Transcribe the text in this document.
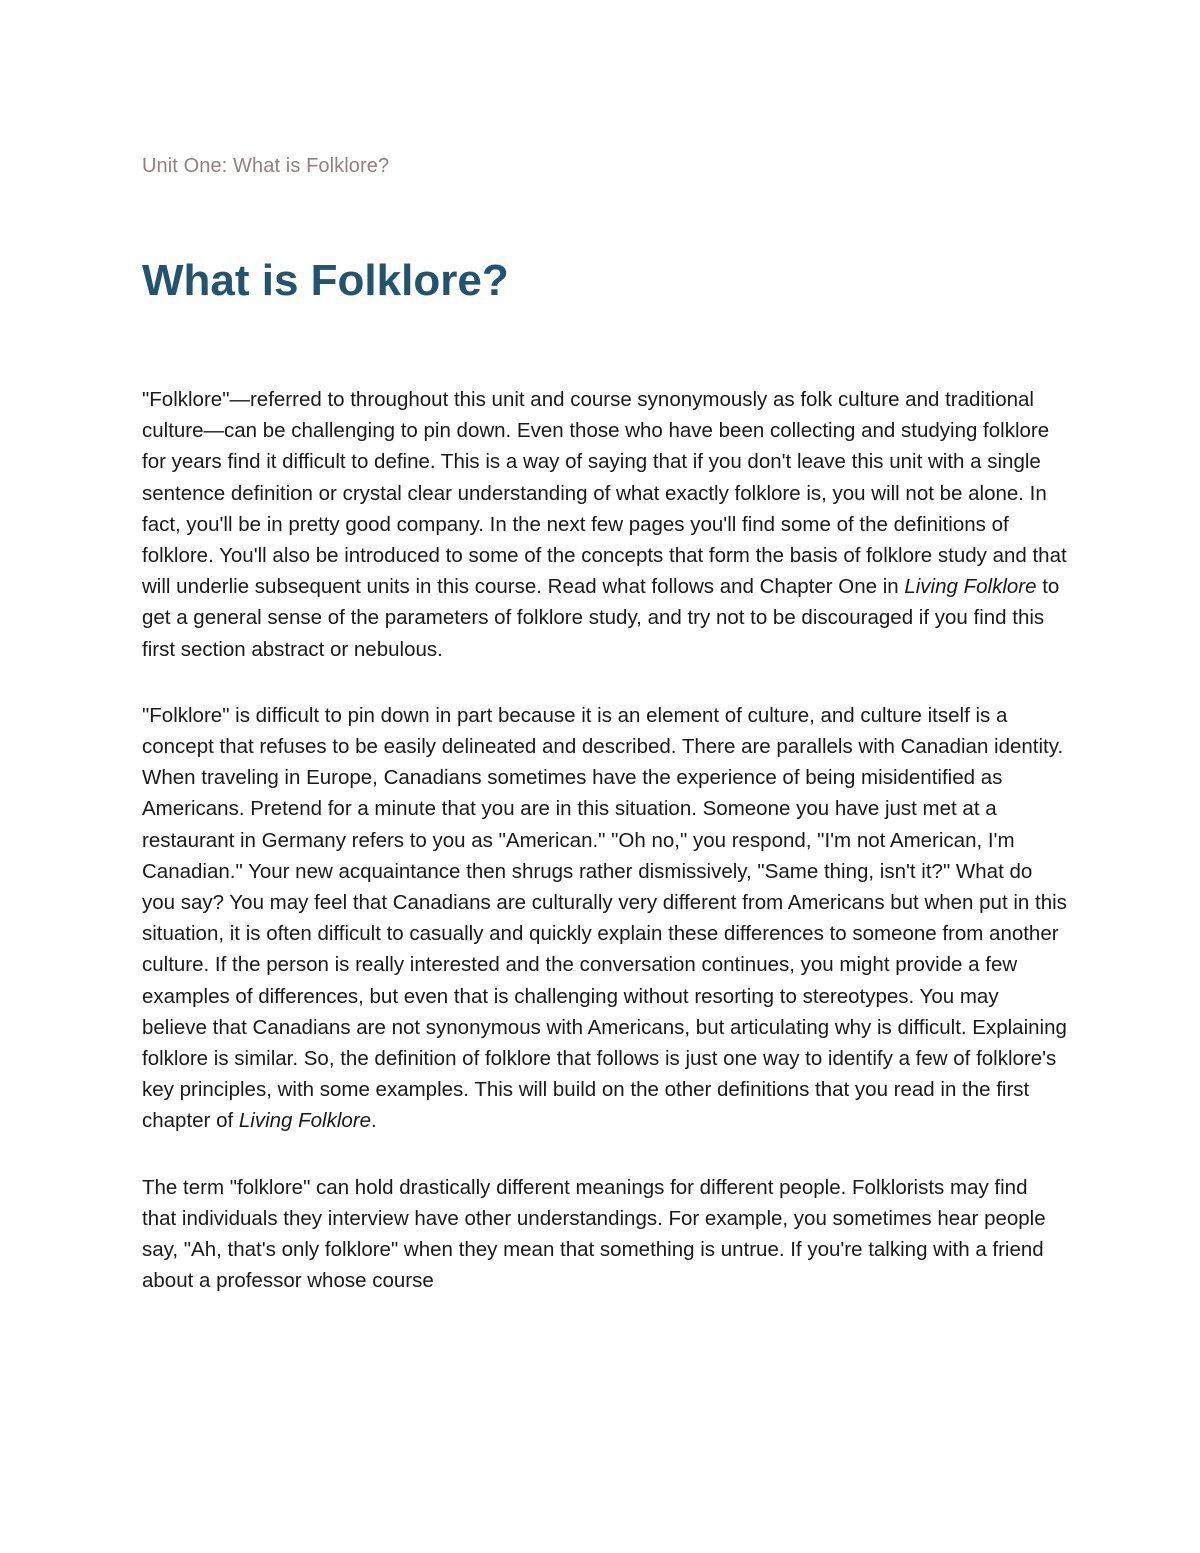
Unit One: What is Folklore?

What is Folklore?

"Folklore"—referred to throughout this unit and course synonymously as folk culture and traditional culture—can be challenging to pin down. Even those who have been collecting and studying folklore for years find it difficult to define. This is a way of saying that if you don't leave this unit with a single sentence definition or crystal clear understanding of what exactly folklore is, you will not be alone. In fact, you'll be in pretty good company. In the next few pages you'll find some of the definitions of folklore. You'll also be introduced to some of the concepts that form the basis of folklore study and that will underlie subsequent units in this course. Read what follows and Chapter One in Living Folklore to get a general sense of the parameters of folklore study, and try not to be discouraged if you find this first section abstract or nebulous.

"Folklore" is difficult to pin down in part because it is an element of culture, and culture itself is a concept that refuses to be easily delineated and described. There are parallels with Canadian identity. When traveling in Europe, Canadians sometimes have the experience of being misidentified as Americans. Pretend for a minute that you are in this situation. Someone you have just met at a restaurant in Germany refers to you as "American." "Oh no," you respond, "I'm not American, I'm Canadian." Your new acquaintance then shrugs rather dismissively, "Same thing, isn't it?" What do you say? You may feel that Canadians are culturally very different from Americans but when put in this situation, it is often difficult to casually and quickly explain these differences to someone from another culture. If the person is really interested and the conversation continues, you might provide a few examples of differences, but even that is challenging without resorting to stereotypes. You may believe that Canadians are not synonymous with Americans, but articulating why is difficult. Explaining folklore is similar. So, the definition of folklore that follows is just one way to identify a few of folklore's key principles, with some examples. This will build on the other definitions that you read in the first chapter of Living Folklore.

The term "folklore" can hold drastically different meanings for different people. Folklorists may find that individuals they interview have other understandings. For example, you sometimes hear people say, "Ah, that's only folklore" when they mean that something is untrue. If you're talking with a friend about a professor whose course
